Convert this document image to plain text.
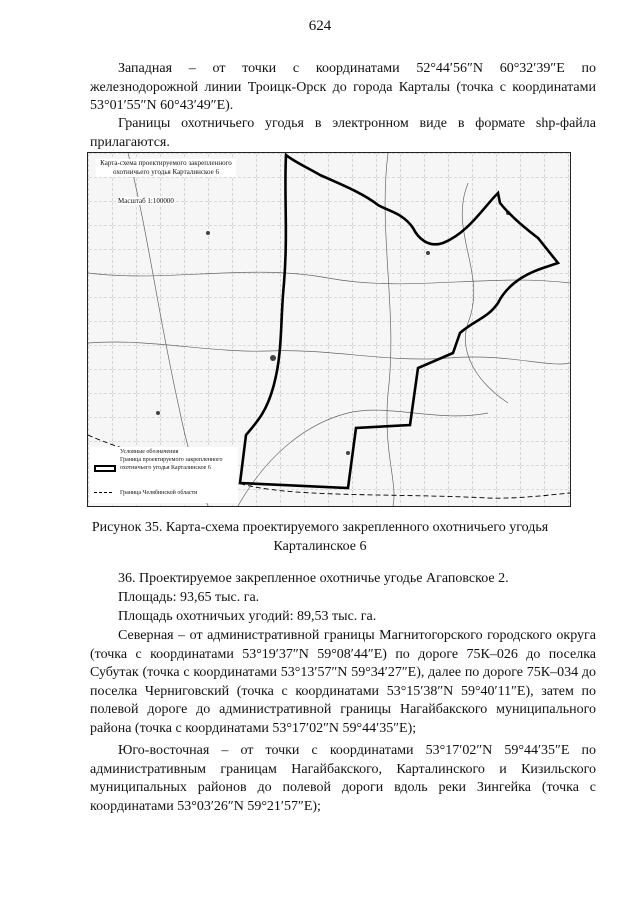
624

Западная – от точки с координатами 52°44′56″N 60°32′39″E по железнодорожной линии Троицк-Орск до города Карталы (точка с координатами 53°01′55″N 60°43′49″E).

Границы охотничьего угодья в электронном виде в формате shp-файла прилагаются.

Карта-схема проектируемого закрепленного охотничьего угодья Карталинское 6
Масштаб 1:100000
Условные обозначения
Граница проектируемого закрепленного охотничьего угодья Карталинское 6
Граница Челябинской области
Рисунок 35. Карта-схема проектируемого закрепленного охотничьего угодья
Карталинское 6

36. Проектируемое закрепленное охотничье угодье Агаповское 2.

Площадь: 93,65 тыс. га.

Площадь охотничьих угодий: 89,53 тыс. га.

Северная – от административной границы Магнитогорского городского округа (точка с координатами 53°19′37″N 59°08′44″E) по дороге 75К–026 до поселка Субутак (точка с координатами 53°13′57″N 59°34′27″E), далее по дороге 75К–034 до поселка Черниговский (точка с координатами 53°15′38″N 59°40′11″E), затем по полевой дороге до административной границы Нагайбакского муниципального района (точка с координатами 53°17′02″N 59°44′35″E);

Юго-восточная – от точки с координатами 53°17′02″N 59°44′35″E по административным границам Нагайбакского, Карталинского и Кизильского муниципальных районов до полевой дороги вдоль реки Зингейка (точка с координатами 53°03′26″N 59°21′57″E);
